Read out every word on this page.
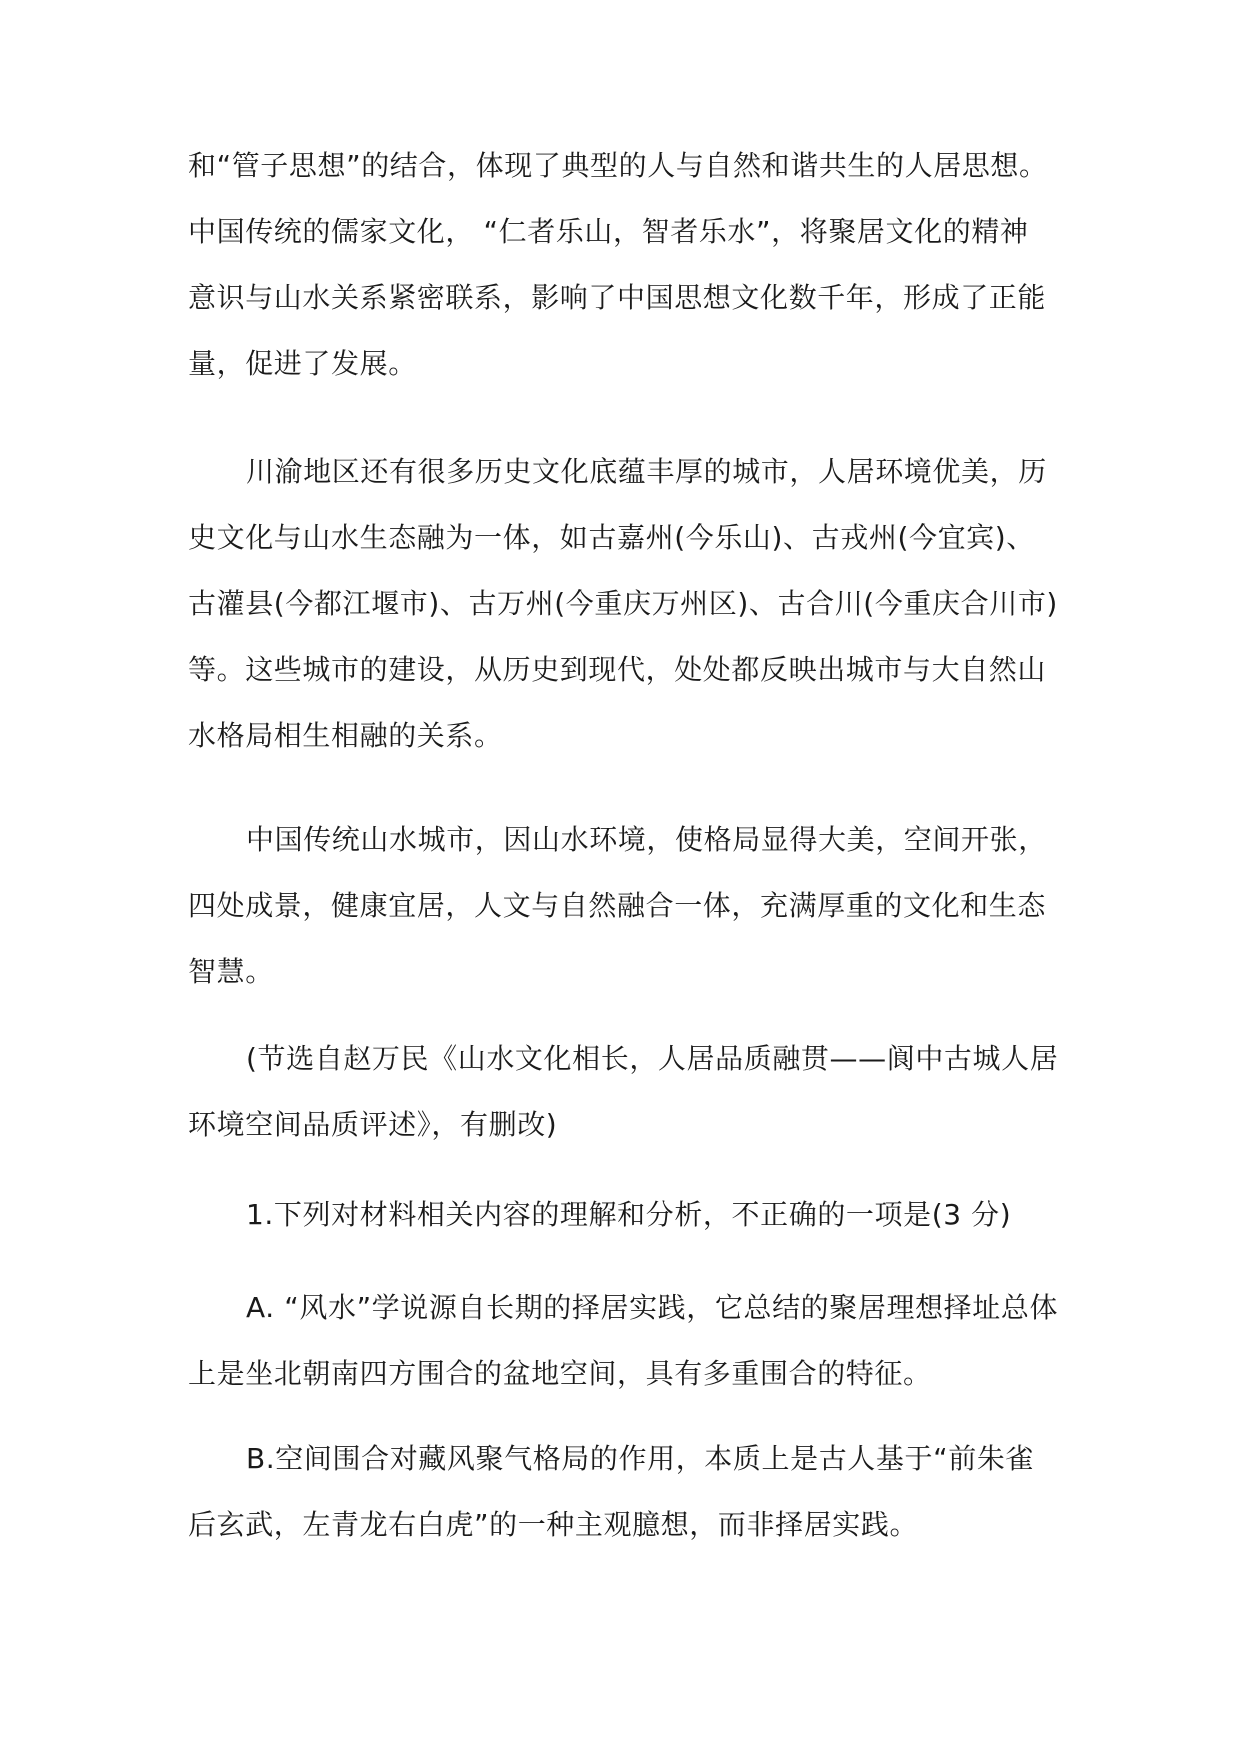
和“管子思想”的结合，体现了典型的人与自然和谐共生的人居思想。
中国传统的儒家文化， “仁者乐山，智者乐水”，将聚居文化的精神
意识与山水关系紧密联系，影响了中国思想文化数千年，形成了正能
量，促进了发展。
川渝地区还有很多历史文化底蕴丰厚的城市，人居环境优美，历
史文化与山水生态融为一体，如古嘉州(今乐山)、古戎州(今宜宾)、
古灌县(今都江堰市)、古万州(今重庆万州区)、古合川(今重庆合川市)
等。这些城市的建设，从历史到现代，处处都反映出城市与大自然山
水格局相生相融的关系。
中国传统山水城市，因山水环境，使格局显得大美，空间开张，
四处成景，健康宜居，人文与自然融合一体，充满厚重的文化和生态
智慧。
(节选自赵万民《山水文化相长，人居品质融贯——阆中古城人居
环境空间品质评述》，有删改)
1.下列对材料相关内容的理解和分析，不正确的一项是(3 分)
A. “风水”学说源自长期的择居实践，它总结的聚居理想择址总体
上是坐北朝南四方围合的盆地空间，具有多重围合的特征。
B.空间围合对藏风聚气格局的作用，本质上是古人基于“前朱雀
后玄武，左青龙右白虎”的一种主观臆想，而非择居实践。
